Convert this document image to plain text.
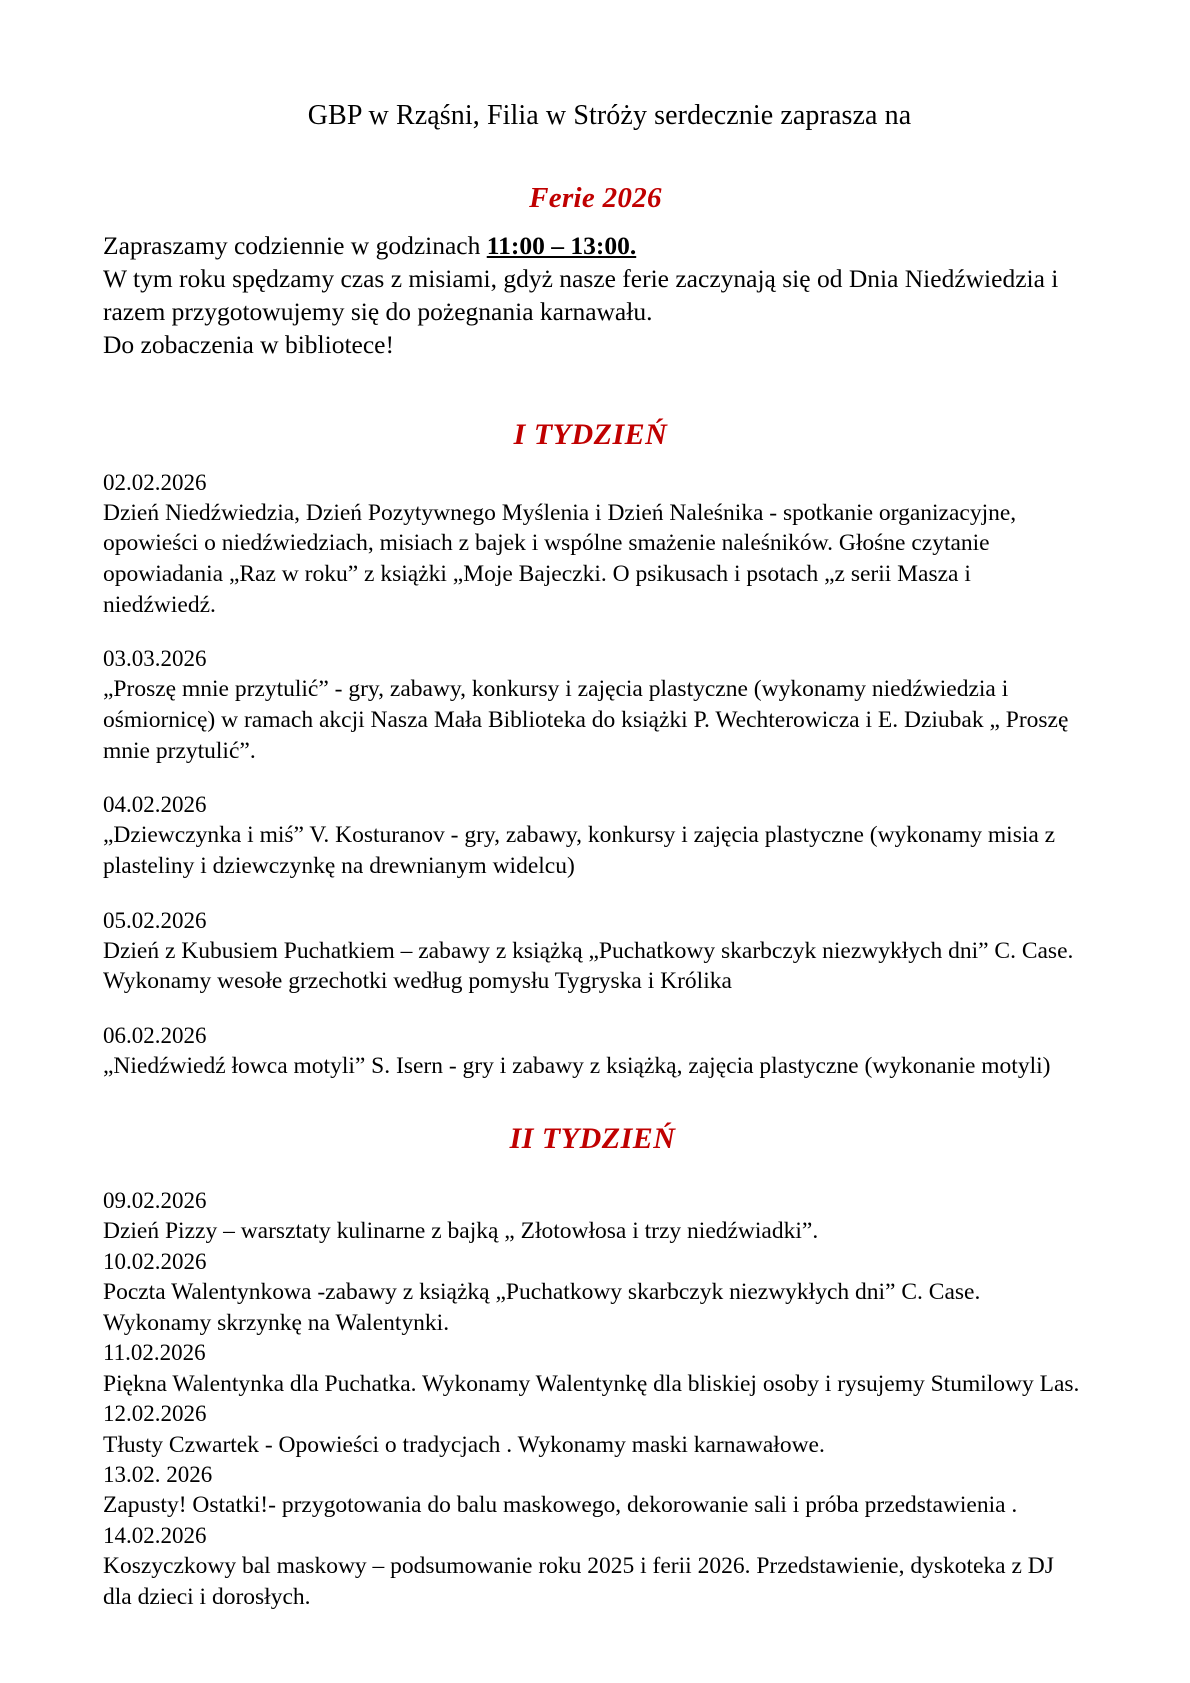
GBP w Rząśni, Filia w Stróży serdecznie zaprasza na
Ferie 2026

Zapraszamy codziennie w godzinach 11:00 – 13:00.
W tym roku spędzamy czas z misiami, gdyż nasze ferie zaczynają się od Dnia Niedźwiedzia i razem przygotowujemy się do pożegnania karnawału.
Do zobaczenia w bibliotece!

I TYDZIEŃ

02.02.2026

Dzień Niedźwiedzia, Dzień Pozytywnego Myślenia i Dzień Naleśnika - spotkanie organizacyjne, opowieści o niedźwiedziach, misiach z bajek i wspólne smażenie naleśników. Głośne czytanie opowiadania „Raz w roku” z książki „Moje Bajeczki. O psikusach i psotach „z serii Masza i niedźwiedź.

03.03.2026

„Proszę mnie przytulić” - gry, zabawy, konkursy i zajęcia plastyczne (wykonamy niedźwiedzia i ośmiornicę) w ramach akcji Nasza Mała Biblioteka do książki P. Wechterowicza i E. Dziubak „ Proszę mnie przytulić”.

04.02.2026

„Dziewczynka i miś” V. Kosturanov - gry, zabawy, konkursy i zajęcia plastyczne (wykonamy misia z plasteliny i dziewczynkę na drewnianym widelcu)

05.02.2026

Dzień z Kubusiem Puchatkiem – zabawy z książką „Puchatkowy skarbczyk niezwykłych dni” C. Case. Wykonamy wesołe grzechotki według pomysłu Tygryska i Królika

06.02.2026

„Niedźwiedź łowca motyli” S. Isern - gry i zabawy z książką, zajęcia plastyczne (wykonanie motyli)

II TYDZIEŃ

09.02.2026

Dzień Pizzy – warsztaty kulinarne z bajką „ Złotowłosa i trzy niedźwiadki”.

10.02.2026

Poczta Walentynkowa -zabawy z książką „Puchatkowy skarbczyk niezwykłych dni” C. Case. Wykonamy skrzynkę na Walentynki.

11.02.2026

Piękna Walentynka dla Puchatka. Wykonamy Walentynkę dla bliskiej osoby i rysujemy Stumilowy Las.

12.02.2026

Tłusty Czwartek - Opowieści o tradycjach . Wykonamy maski karnawałowe.

13.02. 2026

Zapusty! Ostatki!- przygotowania do balu maskowego, dekorowanie sali i próba przedstawienia .

14.02.2026

Koszyczkowy bal maskowy – podsumowanie roku 2025 i ferii 2026. Przedstawienie, dyskoteka z DJ dla dzieci i dorosłych.
